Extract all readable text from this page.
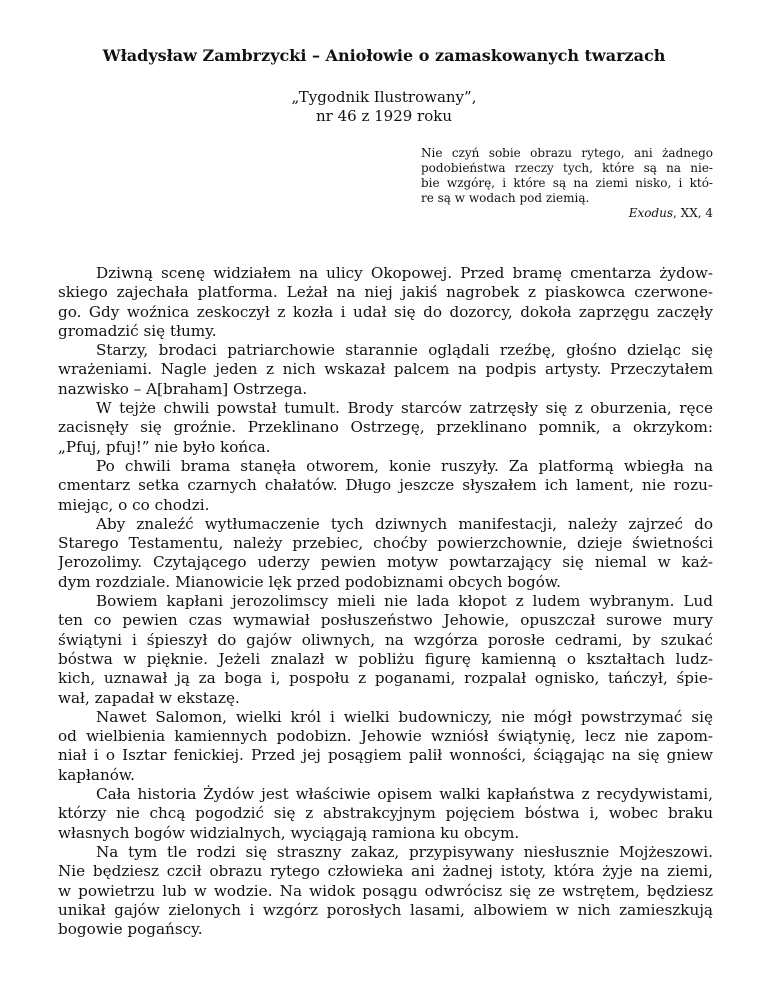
Władysław Zambrzycki – Aniołowie o zamaskowanych twarzach
„Tygodnik Ilustrowany”,
nr 46 z 1929 roku
Nie czyń sobie obrazu rytego, ani żadnego
podobieństwa rzeczy tych, które są na nie-
bie wzgórę, i które są na ziemi nisko, i któ-
re są w wodach pod ziemią.
Exodus, XX, 4
Dziwną scenę widziałem na ulicy Okopowej. Przed bramę cmentarza żydow-
skiego zajechała platforma. Leżał na niej jakiś nagrobek z piaskowca czerwone-
go. Gdy woźnica zeskoczył z kozła i udał się do dozorcy, dokoła zaprzęgu zaczęły
gromadzić się tłumy.
Starzy, brodaci patriarchowie starannie oglądali rzeźbę, głośno dzieląc się
wrażeniami. Nagle jeden z nich wskazał palcem na podpis artysty. Przeczytałem
nazwisko – A[braham] Ostrzega.
W tejże chwili powstał tumult. Brody starców zatrzęsły się z oburzenia, ręce
zacisnęły się groźnie. Przeklinano Ostrzegę, przeklinano pomnik, a okrzykom:
„Pfuj, pfuj!” nie było końca.
Po chwili brama stanęła otworem, konie ruszyły. Za platformą wbiegła na
cmentarz setka czarnych chałatów. Długo jeszcze słyszałem ich lament, nie rozu-
miejąc, o co chodzi.
Aby znaleźć wytłumaczenie tych dziwnych manifestacji, należy zajrzeć do
Starego Testamentu, należy przebiec, choćby powierzchownie, dzieje świetności
Jerozolimy. Czytającego uderzy pewien motyw powtarzający się niemal w każ-
dym rozdziale. Mianowicie lęk przed podobiznami obcych bogów.
Bowiem kapłani jerozolimscy mieli nie lada kłopot z ludem wybranym. Lud
ten co pewien czas wymawiał posłuszeństwo Jehowie, opuszczał surowe mury
świątyni i śpieszył do gajów oliwnych, na wzgórza porosłe cedrami, by szukać
bóstwa w pięknie. Jeżeli znalazł w pobliżu figurę kamienną o kształtach ludz-
kich, uznawał ją za boga i, pospołu z poganami, rozpalał ognisko, tańczył, śpie-
wał, zapadał w ekstazę.
Nawet Salomon, wielki król i wielki budowniczy, nie mógł powstrzymać się
od wielbienia kamiennych podobizn. Jehowie wzniósł świątynię, lecz nie zapom-
niał i o Isztar fenickiej. Przed jej posągiem palił wonności, ściągając na się gniew
kapłanów.
Cała historia Żydów jest właściwie opisem walki kapłaństwa z recydywistami,
którzy nie chcą pogodzić się z abstrakcyjnym pojęciem bóstwa i, wobec braku
własnych bogów widzialnych, wyciągają ramiona ku obcym.
Na tym tle rodzi się straszny zakaz, przypisywany niesłusznie Mojżeszowi.
Nie będziesz czcił obrazu rytego człowieka ani żadnej istoty, która żyje na ziemi,
w powietrzu lub w wodzie. Na widok posągu odwrócisz się ze wstrętem, będziesz
unikał gajów zielonych i wzgórz porosłych lasami, albowiem w nich zamieszkują
bogowie pogańscy.
